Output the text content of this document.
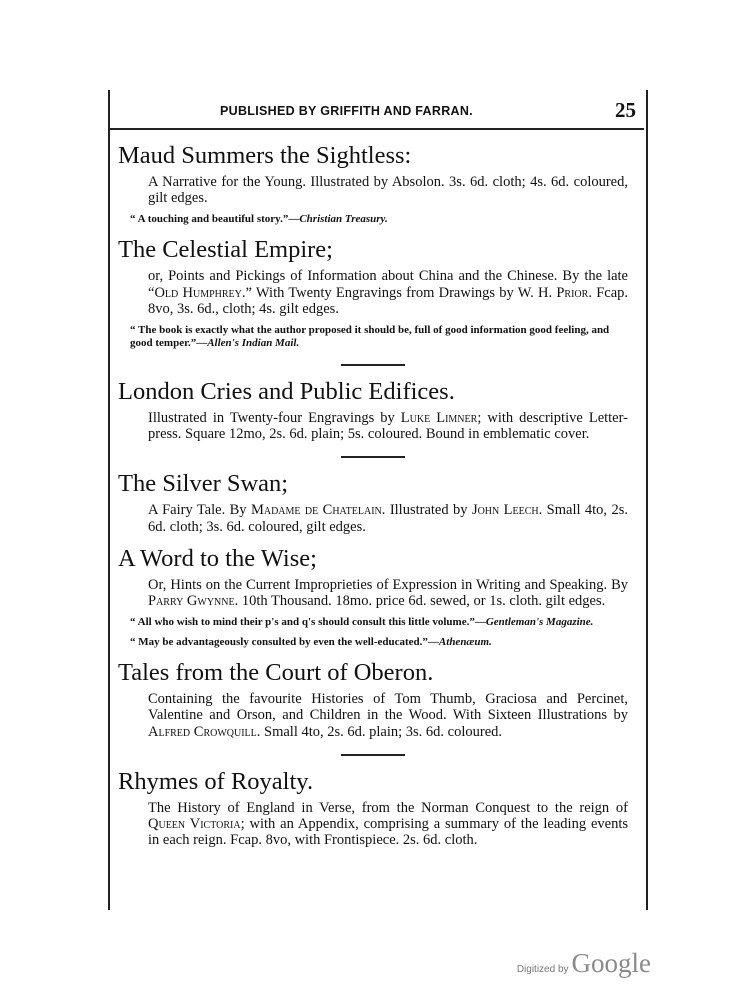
PUBLISHED BY GRIFFITH AND FARRAN.	25
Maud Summers the Sightless:
A Narrative for the Young. Illustrated by Absolon. 3s. 6d. cloth; 4s. 6d. coloured, gilt edges.
“ A touching and beautiful story.”—Christian Treasury.
The Celestial Empire;
or, Points and Pickings of Information about China and the Chinese. By the late “Old Humphrey.” With Twenty Engravings from Drawings by W. H. Prior. Fcap. 8vo, 3s. 6d., cloth; 4s. gilt edges.
“ The book is exactly what the author proposed it should be, full of good information good feeling, and good temper.”—Allen's Indian Mail.
London Cries and Public Edifices.
Illustrated in Twenty-four Engravings by Luke Limner; with descriptive Letter-press. Square 12mo, 2s. 6d. plain; 5s. coloured. Bound in emblematic cover.
The Silver Swan;
A Fairy Tale. By Madame de Chatelain. Illustrated by John Leech. Small 4to, 2s. 6d. cloth; 3s. 6d. coloured, gilt edges.
A Word to the Wise;
Or, Hints on the Current Improprieties of Expression in Writing and Speaking. By Parry Gwynne. 10th Thousand. 18mo. price 6d. sewed, or 1s. cloth. gilt edges.
“ All who wish to mind their p's and q's should consult this little volume.”—Gentleman's Magazine.
“ May be advantageously consulted by even the well-educated.”—Athenæum.
Tales from the Court of Oberon.
Containing the favourite Histories of Tom Thumb, Graciosa and Percinet, Valentine and Orson, and Children in the Wood. With Sixteen Illustrations by Alfred Crowquill. Small 4to, 2s. 6d. plain; 3s. 6d. coloured.
Rhymes of Royalty.
The History of England in Verse, from the Norman Conquest to the reign of Queen Victoria; with an Appendix, comprising a summary of the leading events in each reign. Fcap. 8vo, with Frontispiece. 2s. 6d. cloth.
Digitized by Google
